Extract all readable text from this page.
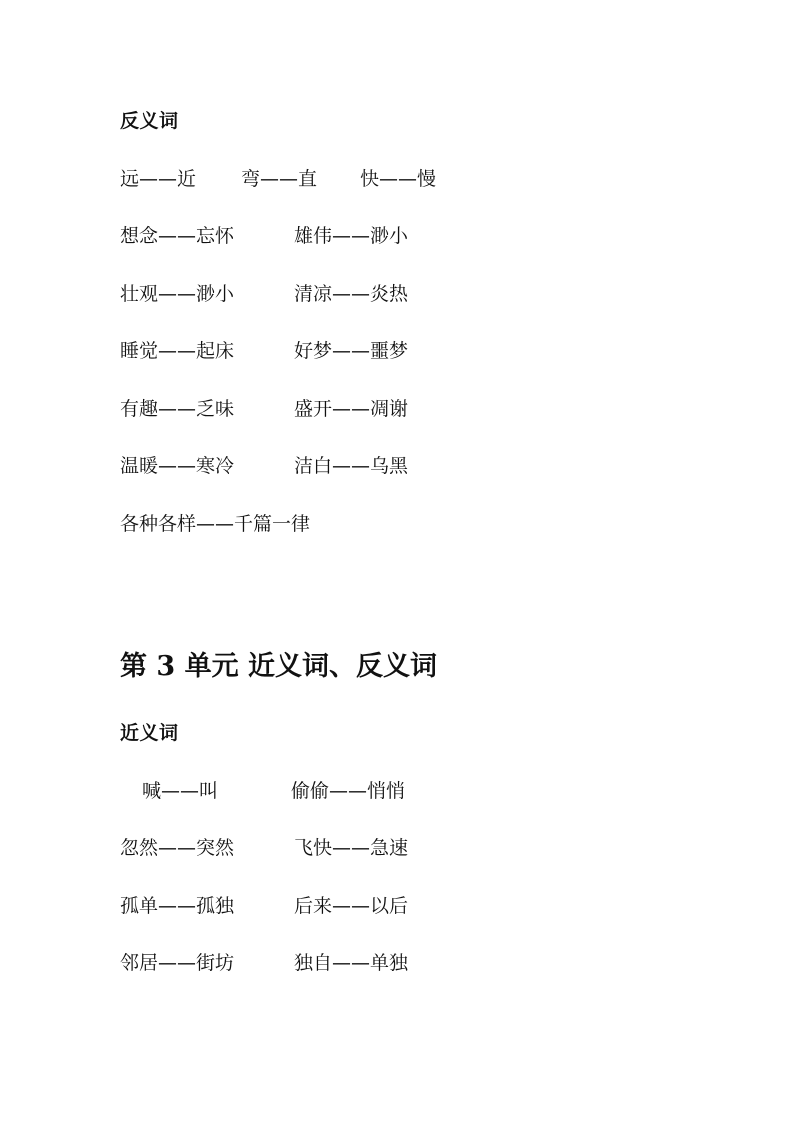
反义词
远——近 弯——直 快——慢
想念——忘怀	雄伟——渺小
壮观——渺小	清凉——炎热
睡觉——起床	好梦——噩梦
有趣——乏味	盛开——凋谢
温暖——寒冷	洁白——乌黑
各种各样——千篇一律
第 3 单元 近义词、反义词
近义词
喊——叫	偷偷——悄悄
忽然——突然	飞快——急速
孤单——孤独	后来——以后
邻居——街坊	独自——单独
